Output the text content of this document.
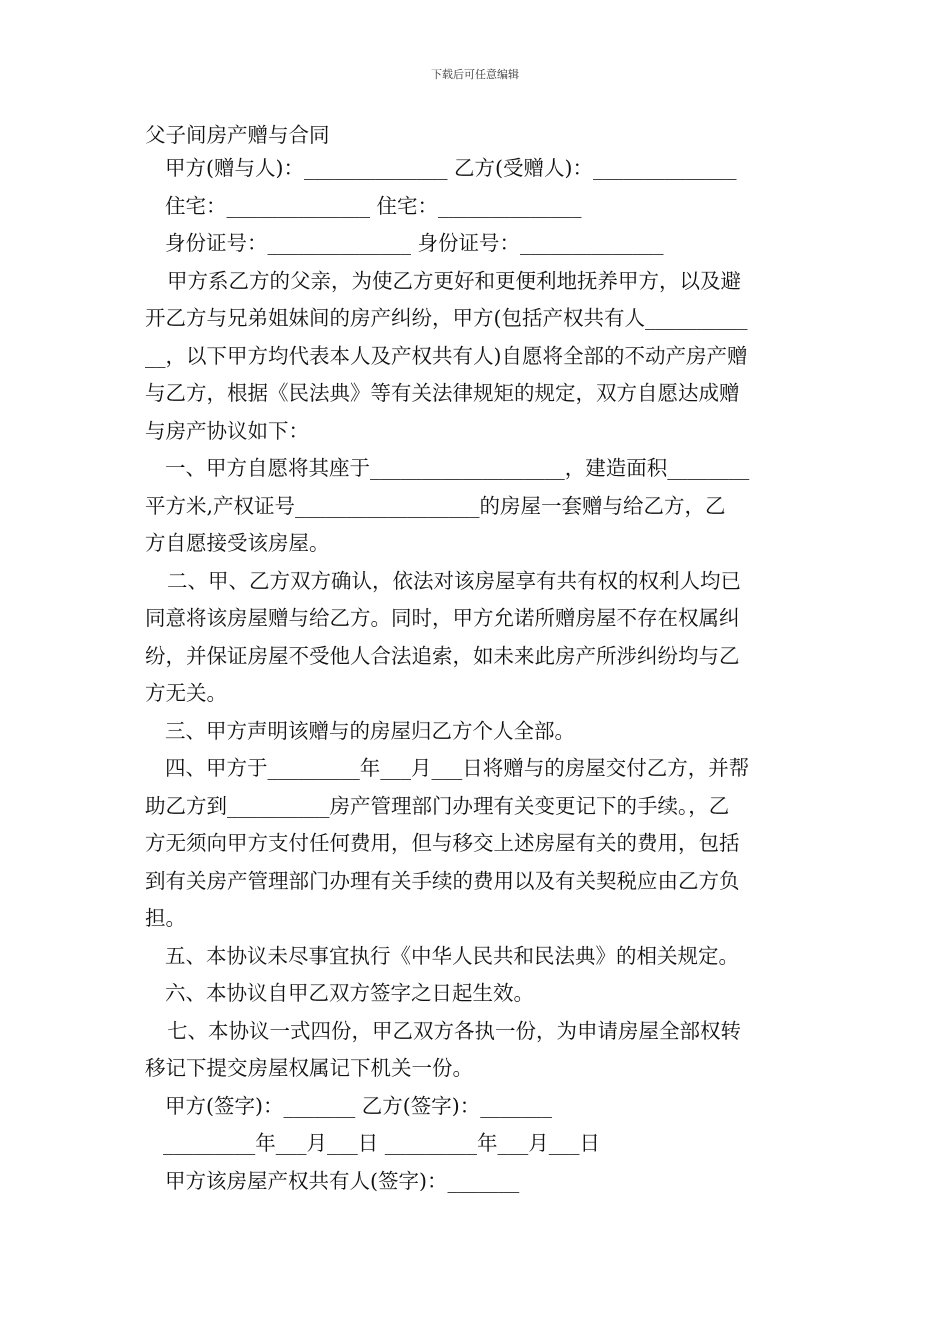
下载后可任意编辑
父子间房产赠与合同
甲方(赠与人)：______________ 乙方(受赠人)：______________
住宅：______________ 住宅：______________
身份证号：______________ 身份证号：______________
甲方系乙方的父亲，为使乙方更好和更便利地抚养甲方，以及避
开乙方与兄弟姐妹间的房产纠纷，甲方(包括产权共有人__________
__，以下甲方均代表本人及产权共有人)自愿将全部的不动产房产赠
与乙方，根据《民法典》等有关法律规矩的规定，双方自愿达成赠
与房产协议如下：
一、甲方自愿将其座于___________________，建造面积________
平方米,产权证号__________________的房屋一套赠与给乙方，乙
方自愿接受该房屋。
二、甲、乙方双方确认，依法对该房屋享有共有权的权利人均已
同意将该房屋赠与给乙方。同时，甲方允诺所赠房屋不存在权属纠
纷，并保证房屋不受他人合法追索，如未来此房产所涉纠纷均与乙
方无关。
三、甲方声明该赠与的房屋归乙方个人全部。
四、甲方于_________年___月___日将赠与的房屋交付乙方，并帮
助乙方到__________房产管理部门办理有关变更记下的手续。，乙
方无须向甲方支付任何费用，但与移交上述房屋有关的费用，包括
到有关房产管理部门办理有关手续的费用以及有关契税应由乙方负
担。
五、本协议未尽事宜执行《中华人民共和民法典》的相关规定。
六、本协议自甲乙双方签字之日起生效。
七、本协议一式四份，甲乙双方各执一份，为申请房屋全部权转
移记下提交房屋权属记下机关一份。
甲方(签字)：_______ 乙方(签字)：_______
_________年___月___日 _________年___月___日
甲方该房屋产权共有人(签字)：_______
